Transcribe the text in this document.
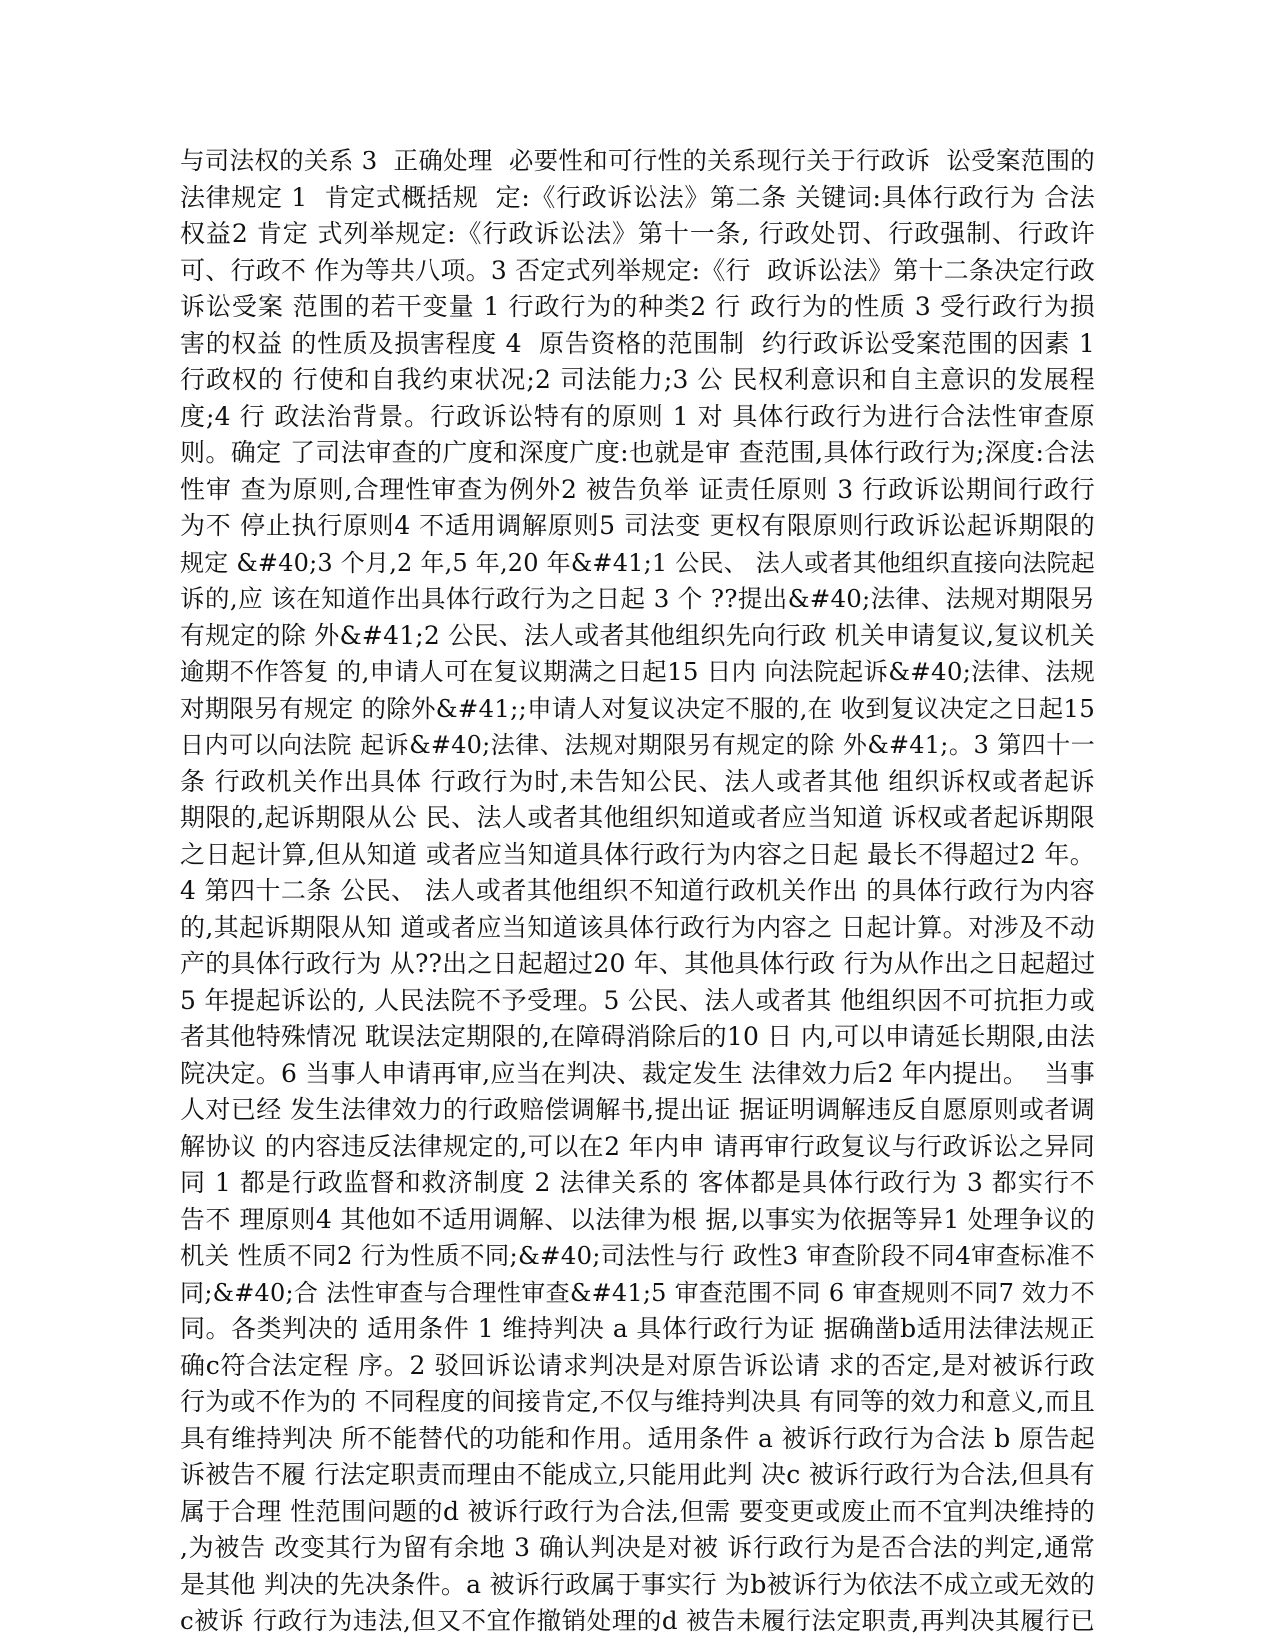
与司法权的关系 3  正确处理  必要性和可行性的关系现行关于行政诉  讼受案范围的
法律规定 1  肯定式概括规  定:《行政诉讼法》第二条 关键词:具体行政行为 合法
权益2 肯定 式列举规定:《行政诉讼法》第十一条, 行政处罚、行政强制、行政许
可、行政不 作为等共八项。3 否定式列举规定:《行  政诉讼法》第十二条决定行政
诉讼受案 范围的若干变量 1 行政行为的种类2 行 政行为的性质 3 受行政行为损
害的权益 的性质及损害程度 4  原告资格的范围制  约行政诉讼受案范围的因素 1
行政权的 行使和自我约束状况;2 司法能力;3 公 民权利意识和自主意识的发展程
度;4 行 政法治背景。行政诉讼特有的原则 1 对 具体行政行为进行合法性审查原
则。确定 了司法审查的广度和深度广度:也就是审 查范围,具体行政行为;深度:合法
性审 查为原则,合理性审查为例外2 被告负举 证责任原则 3 行政诉讼期间行政行
为不 停止执行原则4 不适用调解原则5 司法变 更权有限原则行政诉讼起诉期限的
规定 &#40;3 个月,2 年,5 年,20 年&#41;1 公民、 法人或者其他组织直接向法院起
诉的,应 该在知道作出具体行政行为之日起 3 个 ??提出&#40;法律、法规对期限另
有规定的除 外&#41;2 公民、法人或者其他组织先向行政 机关申请复议,复议机关
逾期不作答复 的,申请人可在复议期满之日起15 日内 向法院起诉&#40;法律、法规
对期限另有规定 的除外&#41;;申请人对复议决定不服的,在 收到复议决定之日起15
日内可以向法院 起诉&#40;法律、法规对期限另有规定的除 外&#41;。3 第四十一
条 行政机关作出具体 行政行为时,未告知公民、法人或者其他 组织诉权或者起诉
期限的,起诉期限从公 民、法人或者其他组织知道或者应当知道 诉权或者起诉期限
之日起计算,但从知道 或者应当知道具体行政行为内容之日起 最长不得超过2 年。
4 第四十二条 公民、 法人或者其他组织不知道行政机关作出 的具体行政行为内容
的,其起诉期限从知 道或者应当知道该具体行政行为内容之 日起计算。对涉及不动
产的具体行政行为 从??出之日起超过20 年、其他具体行政 行为从作出之日起超过
5 年提起诉讼的, 人民法院不予受理。5 公民、法人或者其 他组织因不可抗拒力或
者其他特殊情况 耽误法定期限的,在障碍消除后的10 日 内,可以申请延长期限,由法
院决定。6 当事人申请再审,应当在判决、裁定发生 法律效力后2 年内提出。  当事
人对已经 发生法律效力的行政赔偿调解书,提出证 据证明调解违反自愿原则或者调
解协议 的内容违反法律规定的,可以在2 年内申 请再审行政复议与行政诉讼之异同
同 1 都是行政监督和救济制度 2 法律关系的 客体都是具体行政行为 3 都实行不
告不 理原则4 其他如不适用调解、以法律为根 据,以事实为依据等异1 处理争议的
机关 性质不同2 行为性质不同;&#40;司法性与行 政性3 审查阶段不同4审查标准不
同;&#40;合 法性审查与合理性审查&#41;5 审查范围不同 6 审查规则不同7 效力不
同。各类判决的 适用条件 1 维持判决 a 具体行政行为证 据确凿b适用法律法规正
确c符合法定程 序。2 驳回诉讼请求判决是对原告诉讼请 求的否定,是对被诉行政
行为或不作为的 不同程度的间接肯定,不仅与维持判决具 有同等的效力和意义,而且
具有维持判决 所不能替代的功能和作用。适用条件 a 被诉行政行为合法 b 原告起
诉被告不履 行法定职责而理由不能成立,只能用此判 决c 被诉行政行为合法,但具有
属于合理 性范围问题的d 被诉行政行为合法,但需 要变更或废止而不宜判决维持的
,为被告 改变其行为留有余地 3 确认判决是对被 诉行政行为是否合法的判定,通常
是其他 判决的先决条件。a 被诉行政属于事实行 为b被诉行为依法不成立或无效的
c被诉 行政行为违法,但又不宜作撤销处理的d 被告未履行法定职责,再判决其履行已
